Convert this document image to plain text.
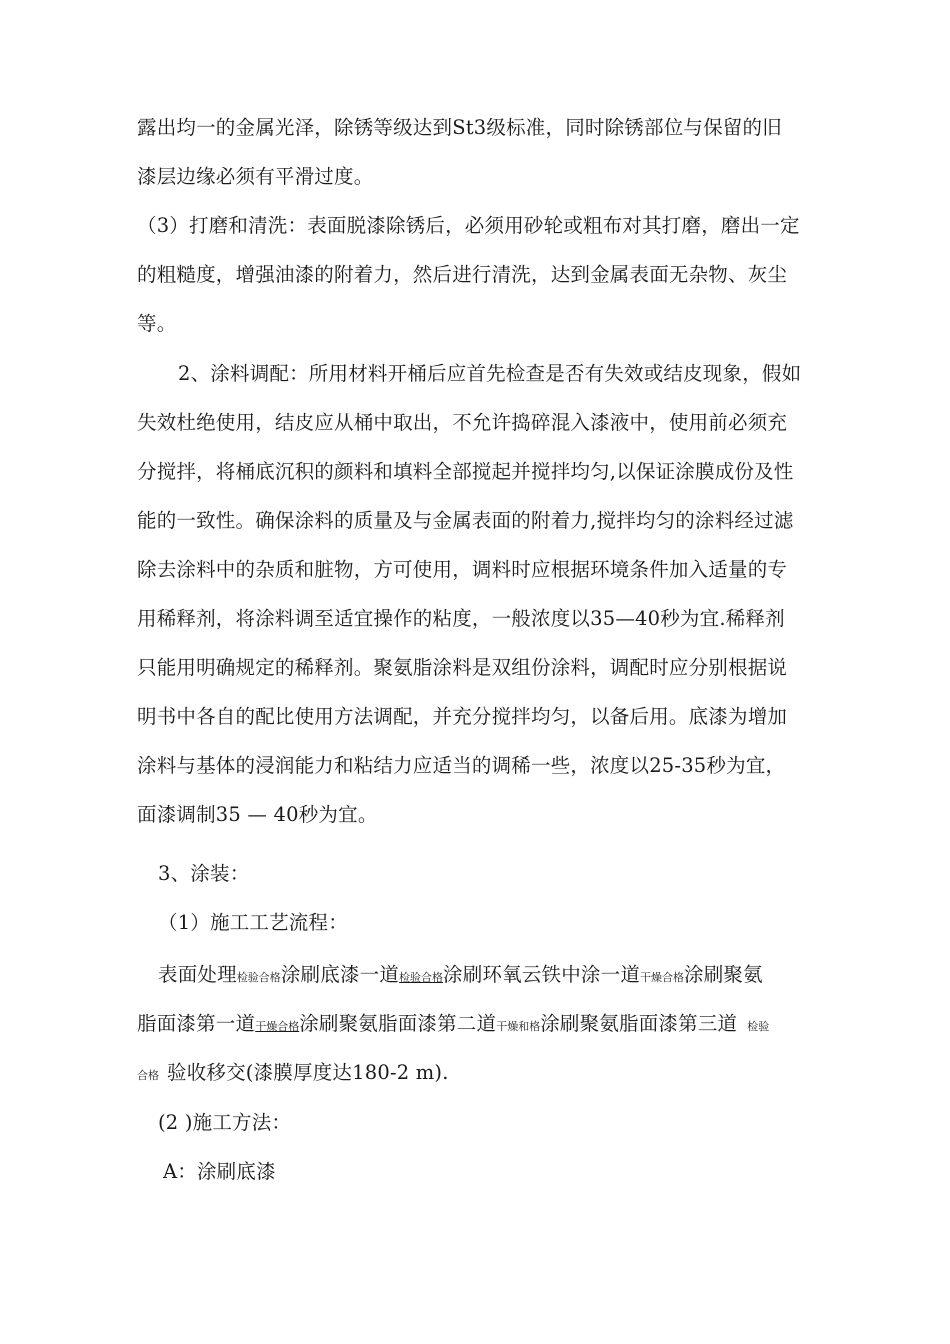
露出均一的金属光泽，除锈等级达到St3级标准，同时除锈部位与保留的旧
漆层边缘必须有平滑过度。
（3）打磨和清洗：表面脱漆除锈后，必须用砂轮或粗布对其打磨，磨出一定
的粗糙度，增强油漆的附着力，然后进行清洗，达到金属表面无杂物、灰尘
等。
2、涂料调配：所用材料开桶后应首先检查是否有失效或结皮现象，假如
失效杜绝使用，结皮应从桶中取出，不允许捣碎混入漆液中，使用前必须充
分搅拌，将桶底沉积的颜料和填料全部搅起并搅拌均匀,以保证涂膜成份及性
能的一致性。确保涂料的质量及与金属表面的附着力,搅拌均匀的涂料经过滤
除去涂料中的杂质和脏物，方可使用，调料时应根据环境条件加入适量的专
用稀释剂，将涂料调至适宜操作的粘度，一般浓度以35—40秒为宜.稀释剂
只能用明确规定的稀释剂。聚氨脂涂料是双组份涂料，调配时应分别根据说
明书中各自的配比使用方法调配，并充分搅拌均匀，以备后用。底漆为增加
涂料与基体的浸润能力和粘结力应适当的调稀一些，浓度以25-35秒为宜，
面漆调制35 — 40秒为宜。
3、涂装：
（1）施工工艺流程：
表面处理检验合格涂刷底漆一道检验合格涂刷环氧云铁中涂一道干燥合格涂刷聚氨
脂面漆第一道干燥合格涂刷聚氨脂面漆第二道干燥和格涂刷聚氨脂面漆第三道 检验
合格 验收移交(漆膜厚度达180-2 m).
(2 )施工方法：
A：涂刷底漆
